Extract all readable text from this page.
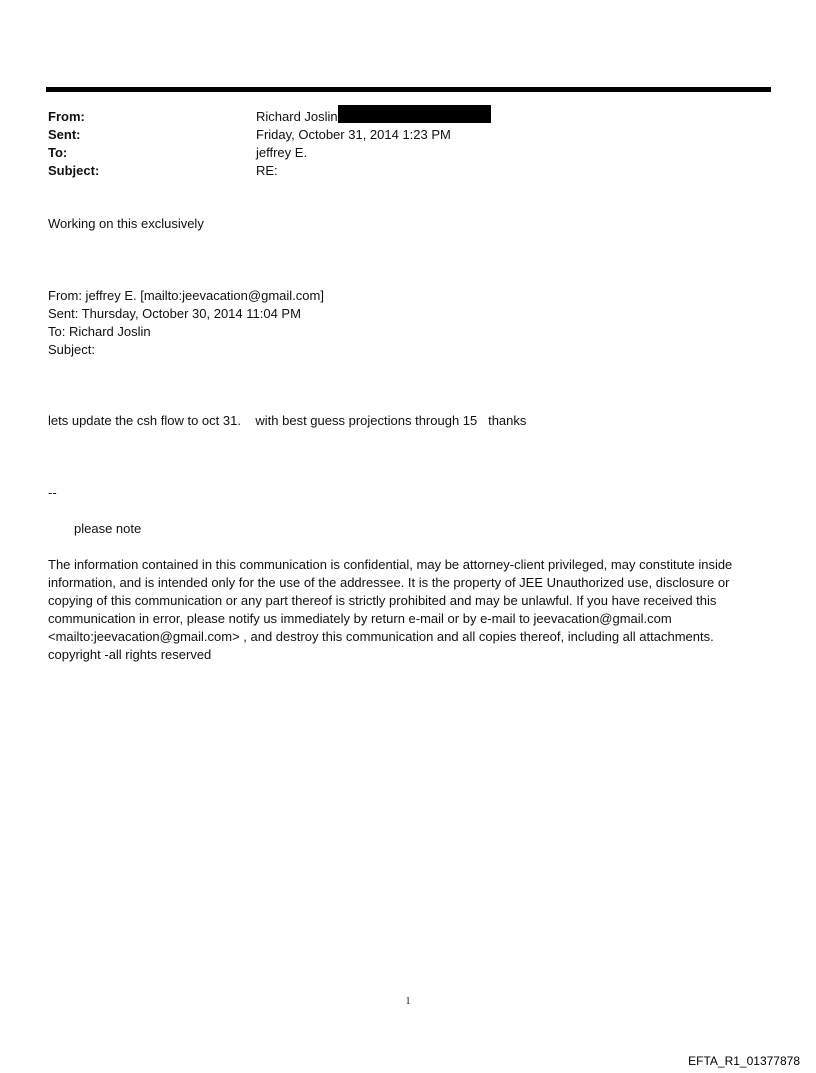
From:	Richard Joslin
Sent:	Friday, October 31, 2014 1:23 PM
To:	jeffrey E.
Subject:	RE:
Working on this exclusively
From: jeffrey E. [mailto:jeevacation@gmail.com]
Sent: Thursday, October 30, 2014 11:04 PM
To: Richard Joslin
Subject:
lets update the csh flow to oct 31.    with best guess projections through 15   thanks
--
please note
The information contained in this communication is confidential, may be attorney-client privileged, may constitute inside information, and is intended only for the use of the addressee. It is the property of JEE Unauthorized use, disclosure or copying of this communication or any part thereof is strictly prohibited and may be unlawful. If you have received this communication in error, please notify us immediately by return e-mail or by e-mail to jeevacation@gmail.com <mailto:jeevacation@gmail.com> , and destroy this communication and all copies thereof, including all attachments. copyright -all rights reserved
1
EFTA_R1_01377878
